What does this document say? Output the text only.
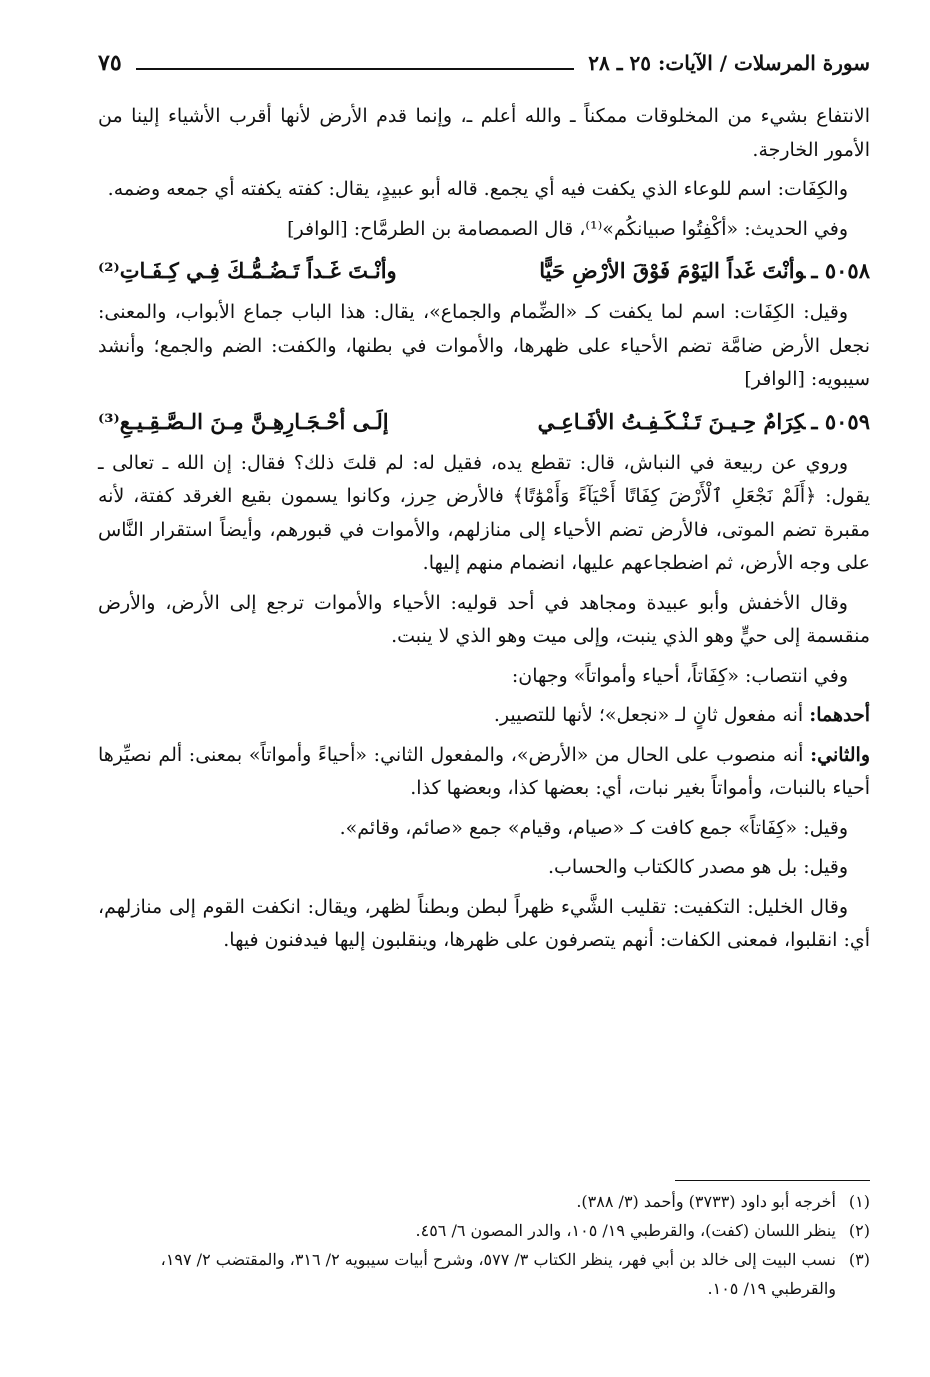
سورة المرسلات / الآيات: ٢٥ ـ ٢٨
٧٥

الانتفاع بشيء من المخلوقات ممكناً ـ والله أعلم ـ، وإنما قدم الأرض لأنها أقرب الأشياء إلينا من الأمور الخارجة.

والكِفَات: اسم للوعاء الذي يكفت فيه أي يجمع. قاله أبو عبيدٍ، يقال: كفته يكفته أي جمعه وضمه.

وفي الحديث: «أكْفِتُوا صبيانكُم»⁽¹⁾، قال الصمصامة بن الطرمَّاح: [الوافر]

٥٠٥٨ ـوأنْتَ غَداً اليَوْمَ فَوْقَ الأرْضِ حَيًّا
وأنْـتَ غَـداً تَـضُـمُّـكَ فِـي كِـفَـاتِ⁽²⁾

وقيل: الكِفَات: اسم لما يكفت كـ «الضِّمام والجماع»، يقال: هذا الباب جماع الأبواب، والمعنى: نجعل الأرض ضامَّة تضم الأحياء على ظهرها، والأموات في بطنها، والكفت: الضم والجمع؛ وأنشد سيبويه: [الوافر]

٥٠٥٩ ـكِرَامٌ حِـيـنَ تَـنْـكَـفِـتُ الأفَـاعِـي
إلَـى أحْـجَـارِهِـنَّ مِـنَ الـصَّـقِـيـعِ⁽³⁾

وروي عن ربيعة في النباش، قال: تقطع يده، فقيل له: لم قلتَ ذلك؟ فقال: إن الله ـ تعالى ـ يقول: ﴿أَلَمْ نَجْعَلِ ٱلْأَرْضَ كِفَاتًا أَحْيَآءً وَأَمْوَٰتًا﴾ فالأرض حِرز، وكانوا يسمون بقيع الغرقد كفتة، لأنه مقبرة تضم الموتى، فالأرض تضم الأحياء إلى منازلهم، والأموات في قبورهم، وأيضاً استقرار النَّاس على وجه الأرض، ثم اضطجاعهم عليها، انضمام منهم إليها.

وقال الأخفش وأبو عبيدة ومجاهد في أحد قوليه: الأحياء والأموات ترجع إلى الأرض، والأرض منقسمة إلى حيٍّ وهو الذي ينبت، وإلى ميت وهو الذي لا ينبت.

وفي انتصاب: «كِفَاتاً، أحياء وأمواتاً» وجهان:

أحدهما: أنه مفعول ثانٍ لـ «نجعل»؛ لأنها للتصيير.

والثاني: أنه منصوب على الحال من «الأرض»، والمفعول الثاني: «أحياءً وأمواتاً» بمعنى: ألم نصيِّرها أحياء بالنبات، وأمواتاً بغير نبات، أي: بعضها كذا، وبعضها كذا.

وقيل: «كِفَاتاً» جمع كافت كـ «صيام، وقيام» جمع «صائم، وقائم».

وقيل: بل هو مصدر كالكتاب والحساب.

وقال الخليل: التكفيت: تقليب الشَّيء ظهراً لبطن وبطناً لظهر، ويقال: انكفت القوم إلى منازلهم، أي: انقلبوا، فمعنى الكفات: أنهم يتصرفون على ظهرها، وينقلبون إليها فيدفنون فيها.

(١)
أخرجه أبو داود (٣٧٣٣) وأحمد (٣/ ٣٨٨).

(٢)
ينظر اللسان (كفت)، والقرطبي ١٩/ ١٠٥، والدر المصون ٦/ ٤٥٦.

(٣)
نسب البيت إلى خالد بن أبي فهر، ينظر الكتاب ٣/ ٥٧٧، وشرح أبيات سيبويه ٢/ ٣١٦، والمقتضب ٢/ ١٩٧، والقرطبي ١٩/ ١٠٥.
